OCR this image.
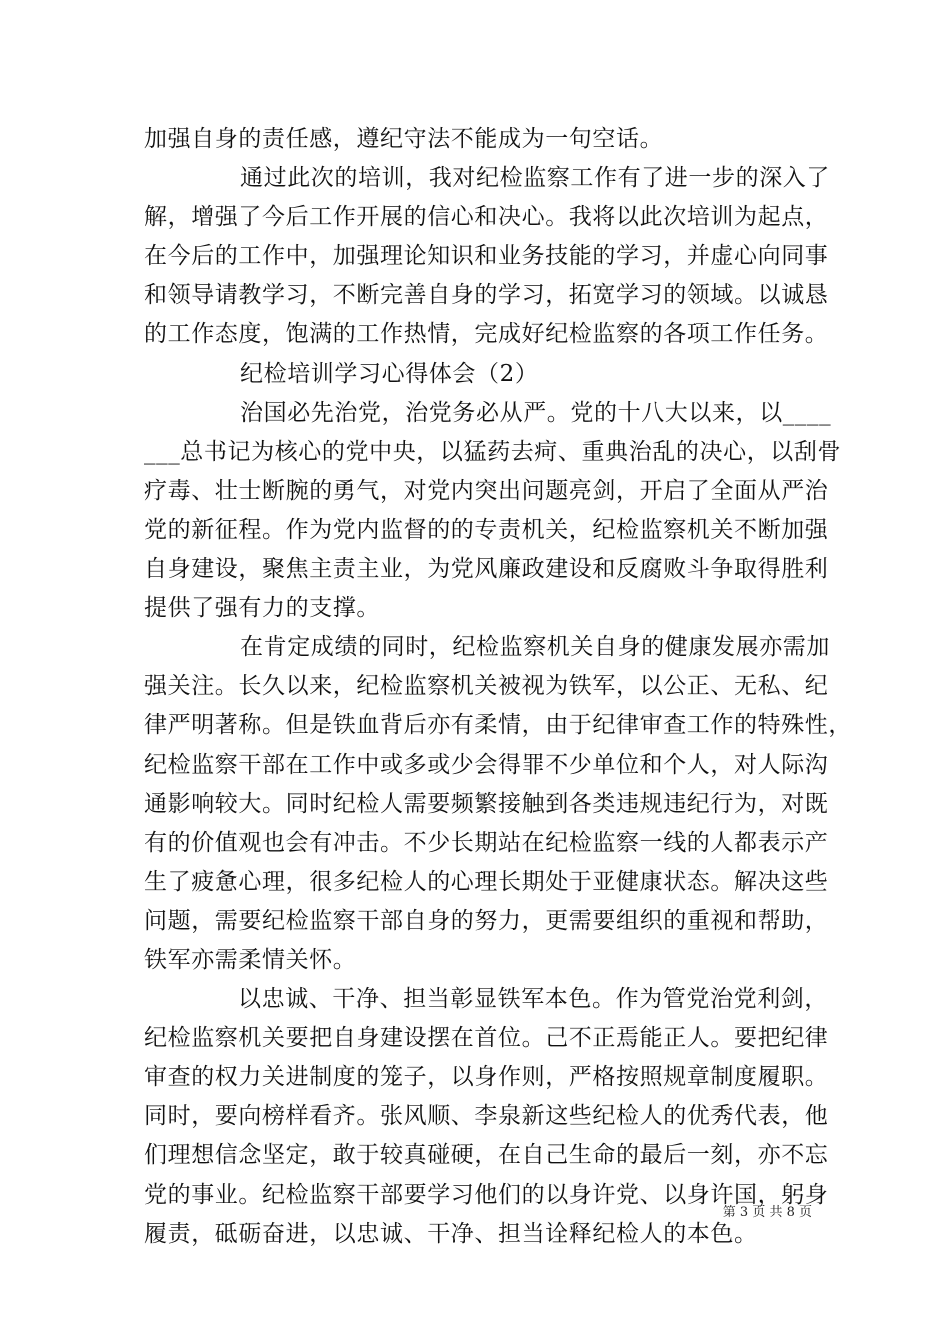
加强自身的责任感，遵纪守法不能成为一句空话。
通过此次的培训，我对纪检监察工作有了进一步的深入了
解，增强了今后工作开展的信心和决心。我将以此次培训为起点，
在今后的工作中，加强理论知识和业务技能的学习，并虚心向同事
和领导请教学习，不断完善自身的学习，拓宽学习的领域。以诚恳
的工作态度，饱满的工作热情，完成好纪检监察的各项工作任务。
纪检培训学习心得体会（2）
治国必先治党，治党务必从严。党的十八大以来，以____
___总书记为核心的党中央，以猛药去疴、重典治乱的决心，以刮骨
疗毒、壮士断腕的勇气，对党内突出问题亮剑，开启了全面从严治
党的新征程。作为党内监督的的专责机关，纪检监察机关不断加强
自身建设，聚焦主责主业，为党风廉政建设和反腐败斗争取得胜利
提供了强有力的支撑。
在肯定成绩的同时，纪检监察机关自身的健康发展亦需加
强关注。长久以来，纪检监察机关被视为铁军，以公正、无私、纪
律严明著称。但是铁血背后亦有柔情，由于纪律审查工作的特殊性，
纪检监察干部在工作中或多或少会得罪不少单位和个人，对人际沟
通影响较大。同时纪检人需要频繁接触到各类违规违纪行为，对既
有的价值观也会有冲击。不少长期站在纪检监察一线的人都表示产
生了疲惫心理，很多纪检人的心理长期处于亚健康状态。解决这些
问题，需要纪检监察干部自身的努力，更需要组织的重视和帮助，
铁军亦需柔情关怀。
以忠诚、干净、担当彰显铁军本色。作为管党治党利剑，
纪检监察机关要把自身建设摆在首位。己不正焉能正人。要把纪律
审查的权力关进制度的笼子，以身作则，严格按照规章制度履职。
同时，要向榜样看齐。张风顺、李泉新这些纪检人的优秀代表，他
们理想信念坚定，敢于较真碰硬，在自己生命的最后一刻，亦不忘
党的事业。纪检监察干部要学习他们的以身许党、以身许国，躬身
履责，砥砺奋进，以忠诚、干净、担当诠释纪检人的本色。
第 3 页 共 8 页
